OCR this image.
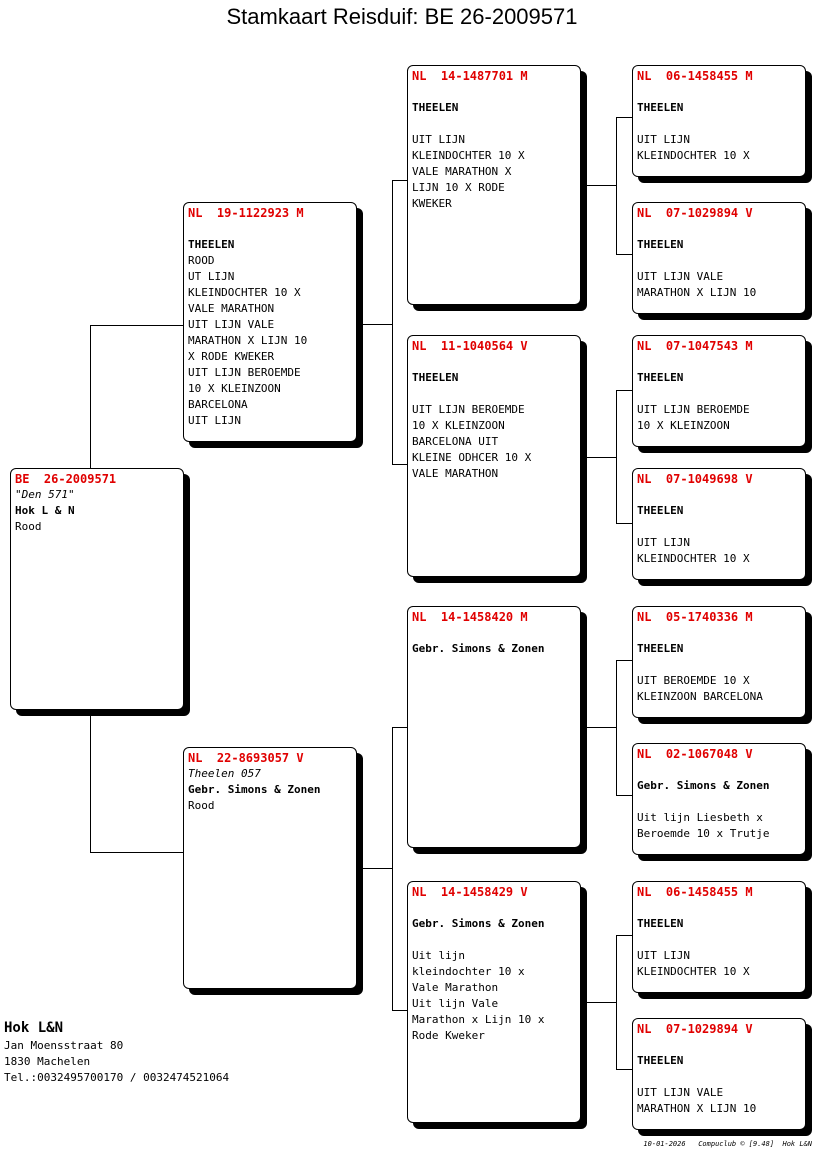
Stamkaart Reisduif: BE 26-2009571
BE  26-2009571
"Den 571"
Hok L & N
Rood
NL  19-1122923 M
THEELEN
ROOD
UT LIJN
KLEINDOCHTER 10 X
VALE MARATHON
UIT LIJN VALE
MARATHON X LIJN 10
X RODE KWEKER
UIT LIJN BEROEMDE
10 X KLEINZOON
BARCELONA
UIT LIJN
NL  22-8693057 V
Theelen 057
Gebr. Simons & Zonen
Rood
NL  14-1487701 M
THEELEN
UIT LIJN
KLEINDOCHTER 10 X
VALE MARATHON X
LIJN 10 X RODE
KWEKER
NL  11-1040564 V
THEELEN
UIT LIJN BEROEMDE
10 X KLEINZOON
BARCELONA UIT
KLEINE ODHCER 10 X
VALE MARATHON
NL  14-1458420 M
Gebr. Simons & Zonen
NL  14-1458429 V
Gebr. Simons & Zonen
Uit lijn
kleindochter 10 x
Vale Marathon
Uit lijn Vale
Marathon x Lijn 10 x
Rode Kweker
NL  06-1458455 M
THEELEN
UIT LIJN
KLEINDOCHTER 10 X
NL  07-1029894 V
THEELEN
UIT LIJN VALE
MARATHON X LIJN 10
NL  07-1047543 M
THEELEN
UIT LIJN BEROEMDE
10 X KLEINZOON
NL  07-1049698 V
THEELEN
UIT LIJN
KLEINDOCHTER 10 X
NL  05-1740336 M
THEELEN
UIT BEROEMDE 10 X
KLEINZOON BARCELONA
NL  02-1067048 V
Gebr. Simons & Zonen
Uit lijn Liesbeth x
Beroemde 10 x Trutje
NL  06-1458455 M
THEELEN
UIT LIJN
KLEINDOCHTER 10 X
NL  07-1029894 V
THEELEN
UIT LIJN VALE
MARATHON X LIJN 10
Hok L&N
Jan Moensstraat 80
1830 Machelen
Tel.:0032495700170 / 0032474521064
10-01-2026   Compuclub © [9.48]  Hok L&N
